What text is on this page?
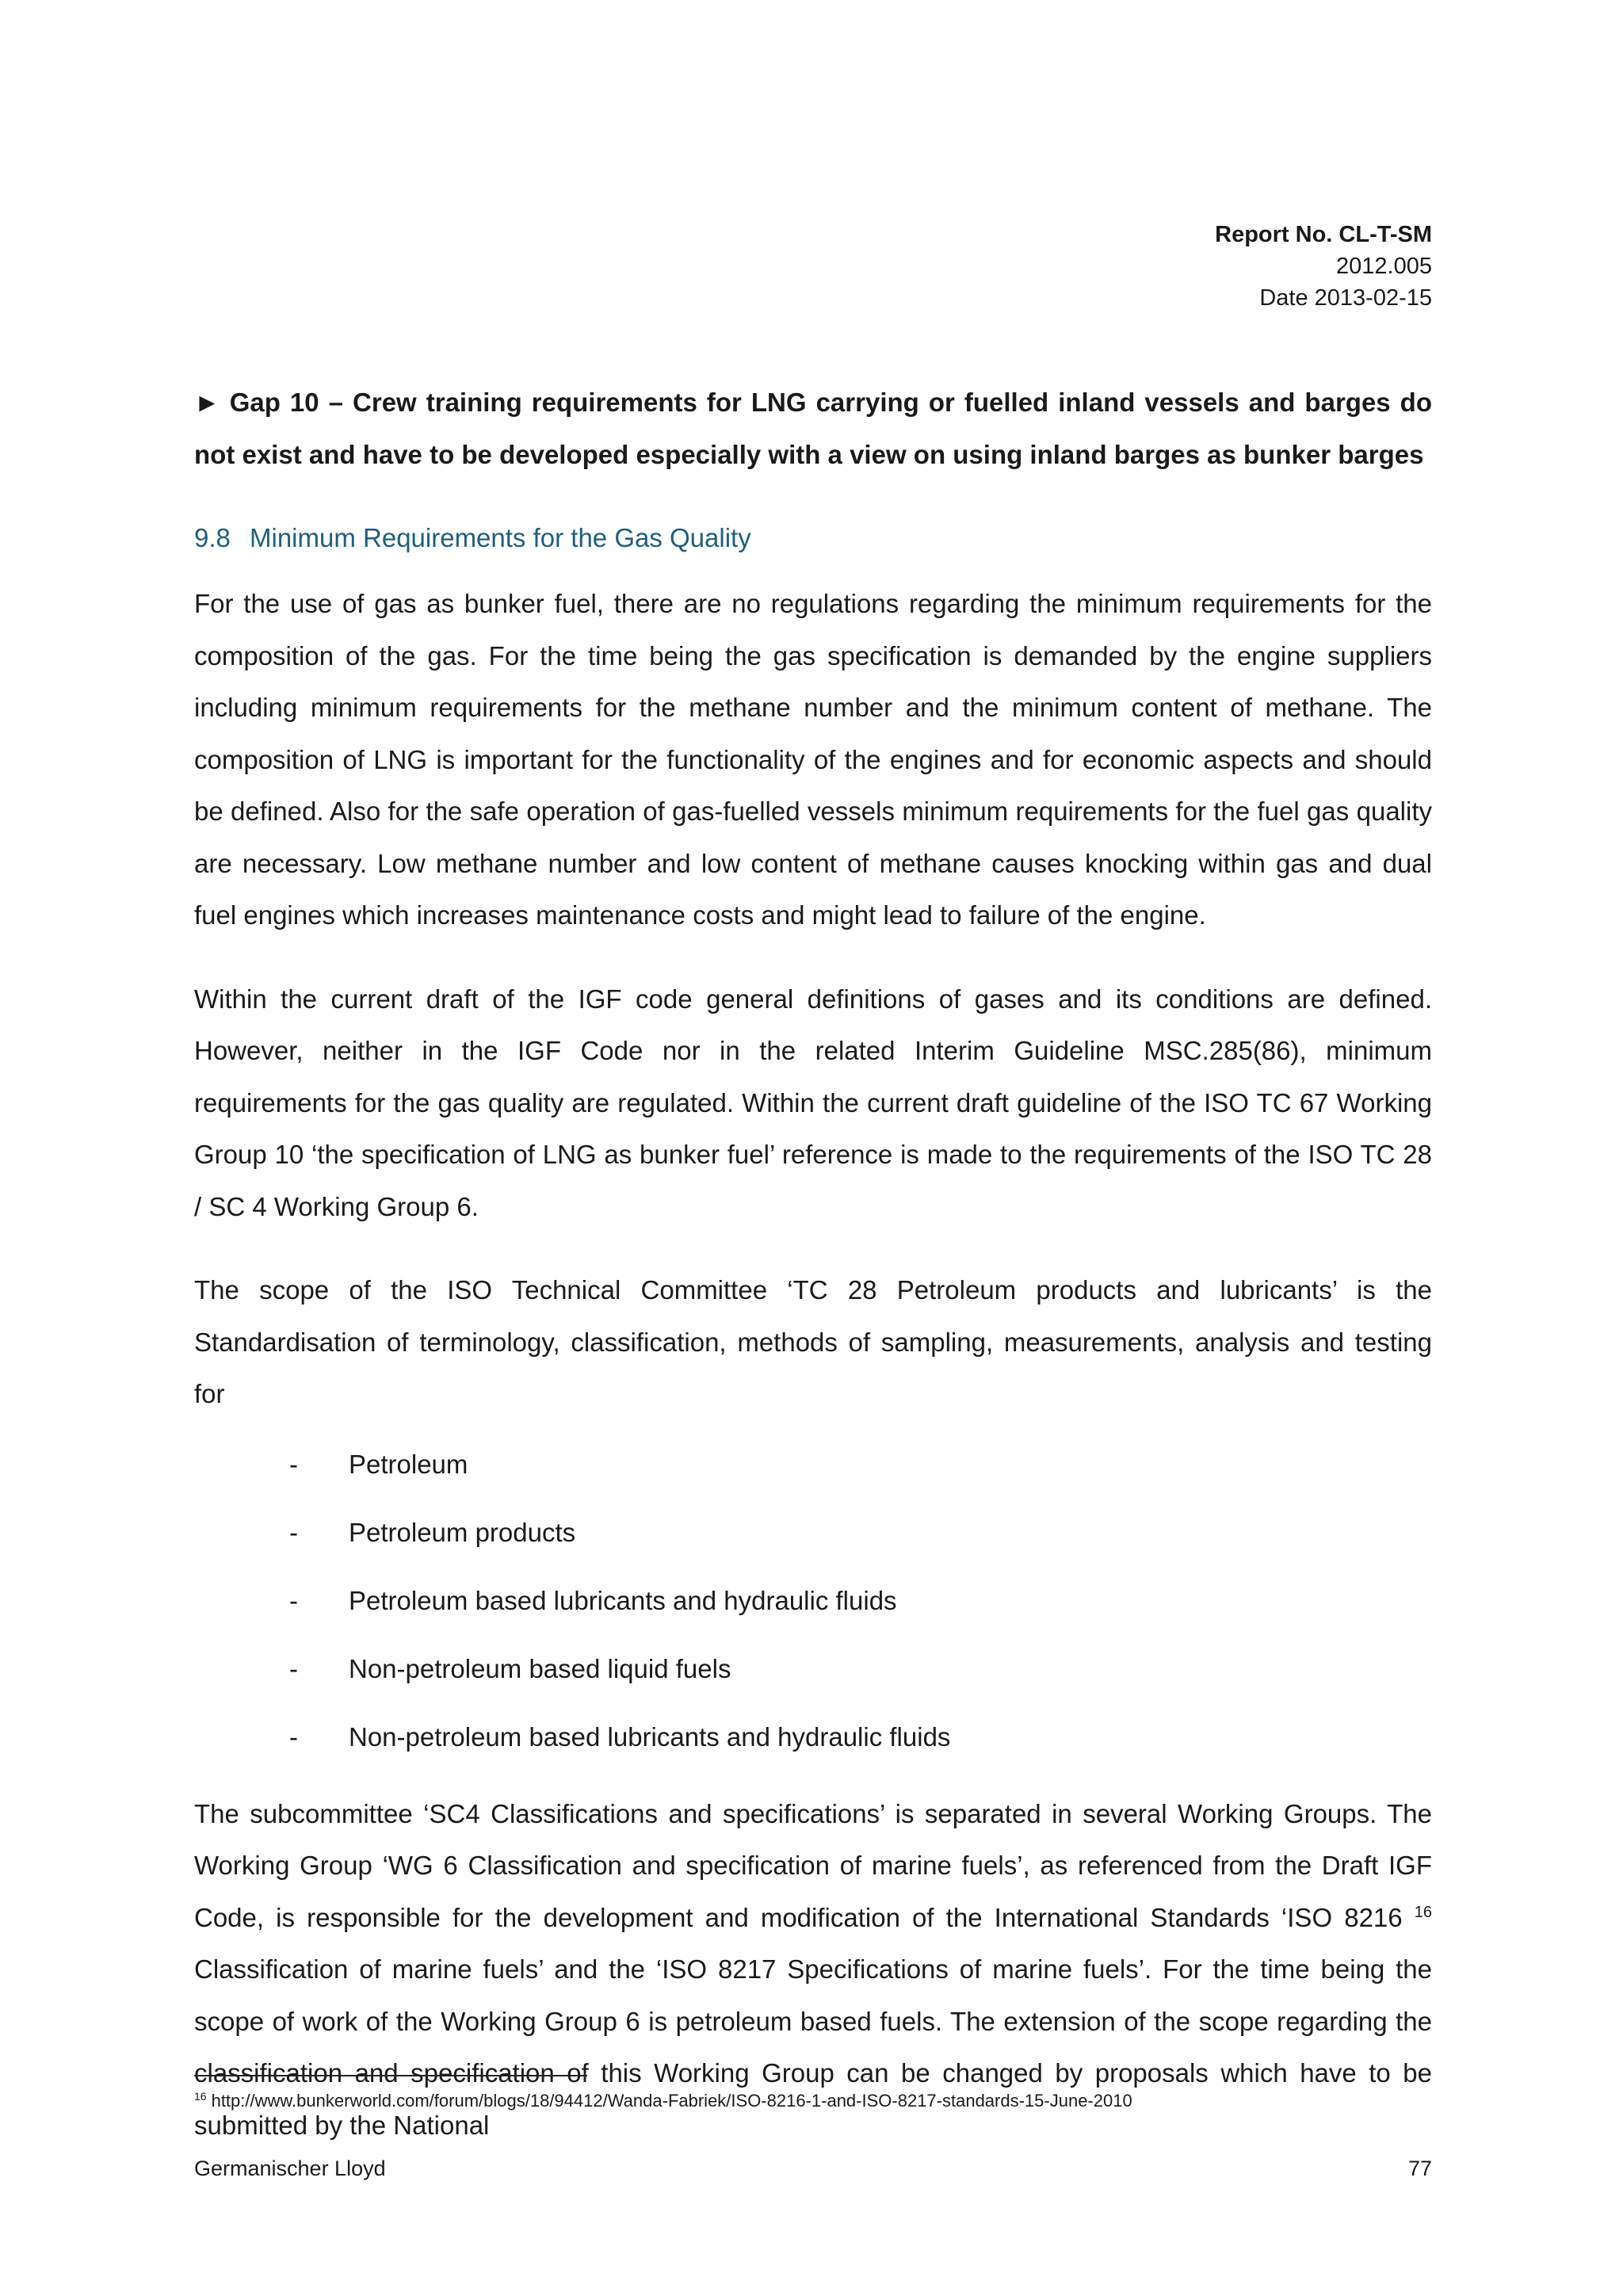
Report No. CL-T-SM
2012.005
Date 2013-02-15

► Gap 10 – Crew training requirements for LNG carrying or fuelled inland vessels and barges do not exist and have to be developed especially with a view on using inland barges as bunker barges

9.8 Minimum Requirements for the Gas Quality

For the use of gas as bunker fuel, there are no regulations regarding the minimum requirements for the composition of the gas. For the time being the gas specification is demanded by the engine suppliers including minimum requirements for the methane number and the minimum content of methane. The composition of LNG is important for the functionality of the engines and for economic aspects and should be defined. Also for the safe operation of gas-fuelled vessels minimum requirements for the fuel gas quality are necessary. Low methane number and low content of methane causes knocking within gas and dual fuel engines which increases maintenance costs and might lead to failure of the engine.

Within the current draft of the IGF code general definitions of gases and its conditions are defined. However, neither in the IGF Code nor in the related Interim Guideline MSC.285(86), minimum requirements for the gas quality are regulated. Within the current draft guideline of the ISO TC 67 Working Group 10 ‘the specification of LNG as bunker fuel’ reference is made to the requirements of the ISO TC 28 / SC 4 Working Group 6.

The scope of the ISO Technical Committee ‘TC 28 Petroleum products and lubricants’ is the Standardisation of terminology, classification, methods of sampling, measurements, analysis and testing for

- Petroleum
- Petroleum products
- Petroleum based lubricants and hydraulic fluids
- Non-petroleum based liquid fuels
- Non-petroleum based lubricants and hydraulic fluids

The subcommittee ‘SC4 Classifications and specifications’ is separated in several Working Groups. The Working Group ‘WG 6 Classification and specification of marine fuels’, as referenced from the Draft IGF Code, is responsible for the development and modification of the International Standards ‘ISO 8216 $^{16}$ Classification of marine fuels’ and the ‘ISO 8217 Specifications of marine fuels’. For the time being the scope of work of the Working Group 6 is petroleum based fuels. The extension of the scope regarding the classification and specification of this Working Group can be changed by proposals which have to be submitted by the National

$^{16}$ http://www.bunkerworld.com/forum/blogs/18/94412/Wanda-Fabriek/ISO-8216-1-and-ISO-8217-standards-15-June-2010
Germanischer Lloyd	77
